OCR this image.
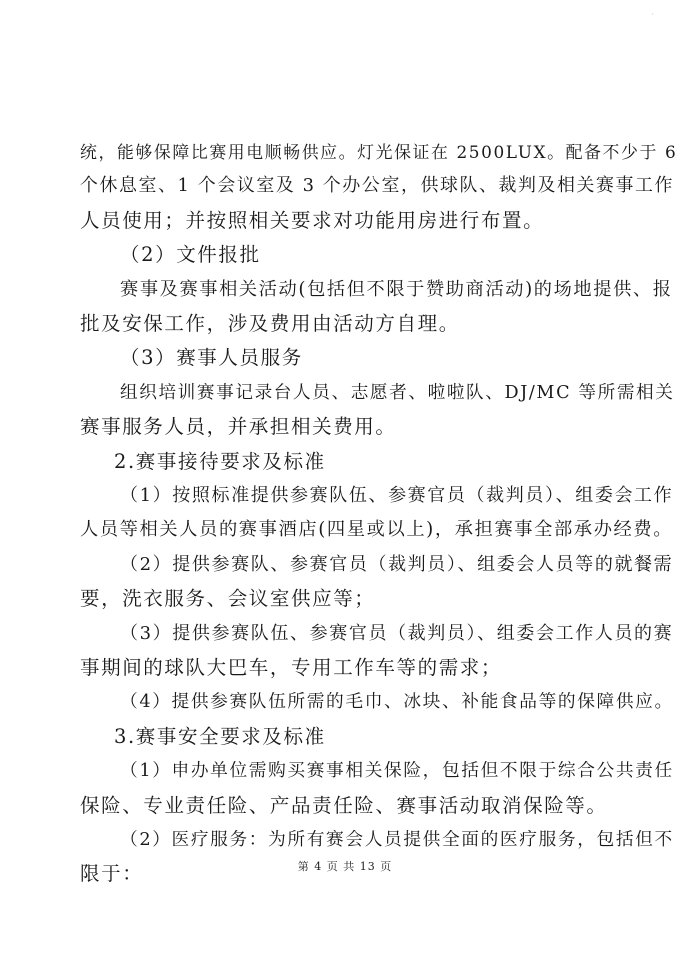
·
统，能够保障比赛用电顺畅供应。灯光保证在 2500LUX。配备不少于 6
个休息室、1 个会议室及 3 个办公室，供球队、裁判及相关赛事工作
人员使用；并按照相关要求对功能用房进行布置。
（2）文件报批
赛事及赛事相关活动(包括但不限于赞助商活动)的场地提供、报
批及安保工作，涉及费用由活动方自理。
（3）赛事人员服务
组织培训赛事记录台人员、志愿者、啦啦队、DJ/MC 等所需相关
赛事服务人员，并承担相关费用。
2.赛事接待要求及标准
（1）按照标准提供参赛队伍、参赛官员（裁判员）、组委会工作
人员等相关人员的赛事酒店(四星或以上)，承担赛事全部承办经费。
（2）提供参赛队、参赛官员（裁判员）、组委会人员等的就餐需
要，洗衣服务、会议室供应等；
（3）提供参赛队伍、参赛官员（裁判员）、组委会工作人员的赛
事期间的球队大巴车，专用工作车等的需求；
（4）提供参赛队伍所需的毛巾、冰块、补能食品等的保障供应。
3.赛事安全要求及标准
（1）申办单位需购买赛事相关保险，包括但不限于综合公共责任
保险、专业责任险、产品责任险、赛事活动取消保险等。
（2）医疗服务：为所有赛会人员提供全面的医疗服务，包括但不
限于：	第 4 页 共 13 页
